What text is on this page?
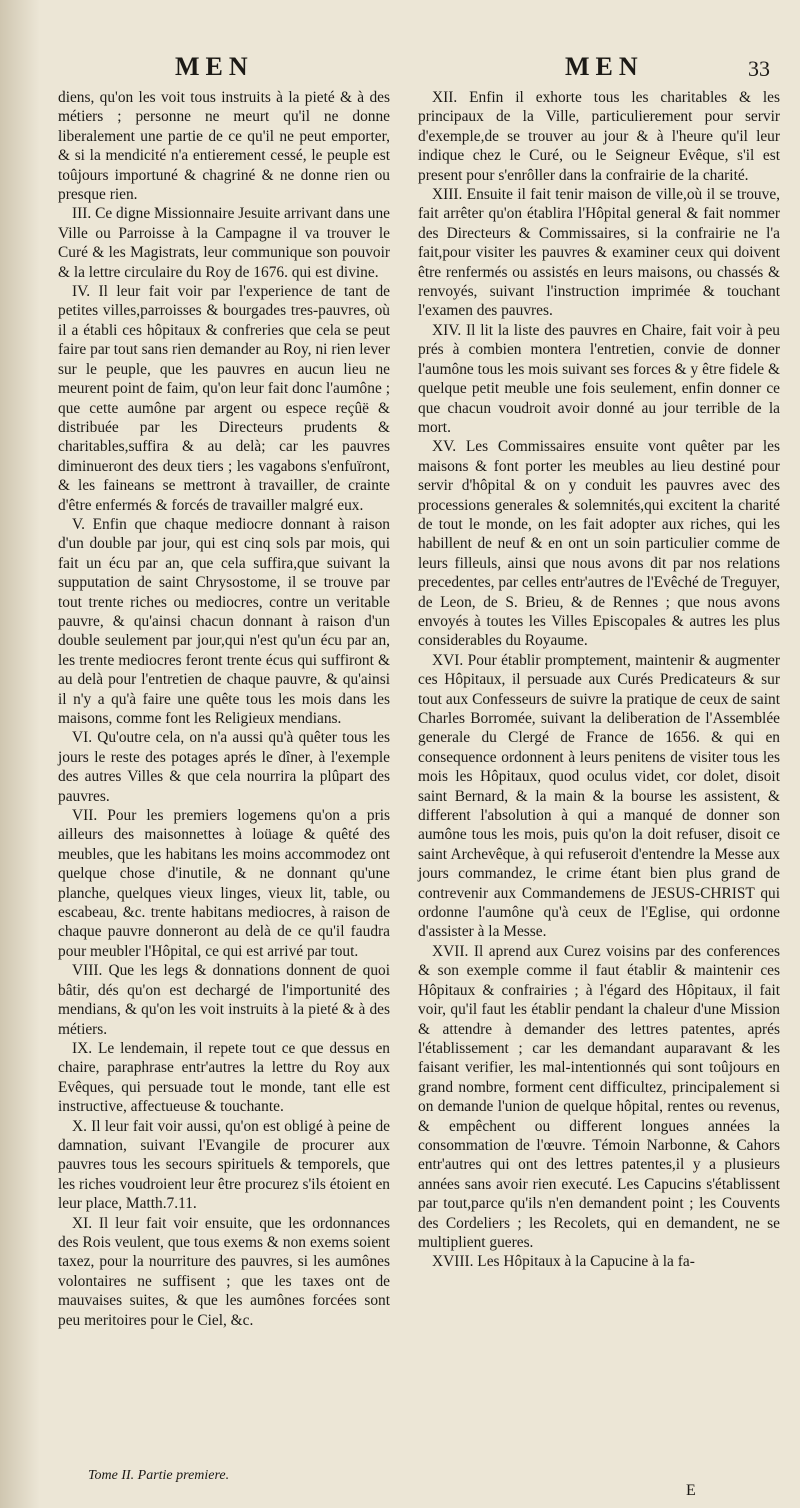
MEN	MEN	33

diens, qu'on les voit tous instruits à la pieté & à des métiers ; personne ne meurt qu'il ne donne liberalement une partie de ce qu'il ne peut emporter, & si la mendicité n'a entierement cessé, le peuple est toûjours importuné & chagriné & ne donne rien ou presque rien.

III. Ce digne Missionnaire Jesuite arrivant dans une Ville ou Parroisse à la Campagne il va trouver le Curé & les Magistrats, leur communique son pouvoir & la lettre circulaire du Roy de 1676. qui est divine.

IV. Il leur fait voir par l'experience de tant de petites villes,parroisses & bourgades tres-pauvres, où il a établi ces hôpitaux & confreries que cela se peut faire par tout sans rien demander au Roy, ni rien lever sur le peuple, que les pauvres en aucun lieu ne meurent point de faim, qu'on leur fait donc l'aumône ; que cette aumône par argent ou espece reçûë & distribuée par les Directeurs prudents & charitables,suffira & au delà; car les pauvres diminueront des deux tiers ; les vagabons s'enfuïront, & les faineans se mettront à travailler, de crainte d'être enfermés & forcés de travailler malgré eux.

V. Enfin que chaque mediocre donnant à raison d'un double par jour, qui est cinq sols par mois, qui fait un écu par an, que cela suffira,que suivant la supputation de saint Chrysostome, il se trouve par tout trente riches ou mediocres, contre un veritable pauvre, & qu'ainsi chacun donnant à raison d'un double seulement par jour,qui n'est qu'un écu par an, les trente mediocres feront trente écus qui suffiront & au delà pour l'entretien de chaque pauvre, & qu'ainsi il n'y a qu'à faire une quête tous les mois dans les maisons, comme font les Religieux mendians.

VI. Qu'outre cela, on n'a aussi qu'à quêter tous les jours le reste des potages aprés le dîner, à l'exemple des autres Villes & que cela nourrira la plûpart des pauvres.

VII. Pour les premiers logemens qu'on a pris ailleurs des maisonnettes à loüage & quêté des meubles, que les habitans les moins accommodez ont quelque chose d'inutile, & ne donnant qu'une planche, quelques vieux linges, vieux lit, table, ou escabeau, &c. trente habitans mediocres, à raison de chaque pauvre donneront au delà de ce qu'il faudra pour meubler l'Hôpital, ce qui est arrivé par tout.

VIII. Que les legs & donnations donnent de quoi bâtir, dés qu'on est dechargé de l'importunité des mendians, & qu'on les voit instruits à la pieté & à des métiers.

IX. Le lendemain, il repete tout ce que dessus en chaire, paraphrase entr'autres la lettre du Roy aux Evêques, qui persuade tout le monde, tant elle est instructive, affectueuse & touchante.

X. Il leur fait voir aussi, qu'on est obligé à peine de damnation, suivant l'Evangile de procurer aux pauvres tous les secours spirituels & temporels, que les riches voudroient leur être procurez s'ils étoient en leur place, Matth.7.11.

XI. Il leur fait voir ensuite, que les ordonnances des Rois veulent, que tous exems & non exems soient taxez, pour la nourriture des pauvres, si les aumônes volontaires ne suffisent ; que les taxes ont de mauvaises suites, & que les aumônes forcées sont peu meritoires pour le Ciel, &c.

XII. Enfin il exhorte tous les charitables & les principaux de la Ville, particulierement pour servir d'exemple,de se trouver au jour & à l'heure qu'il leur indique chez le Curé, ou le Seigneur Evêque, s'il est present pour s'enrôller dans la confrairie de la charité.

XIII. Ensuite il fait tenir maison de ville,où il se trouve, fait arrêter qu'on établira l'Hôpital general & fait nommer des Directeurs & Commissaires, si la confrairie ne l'a fait,pour visiter les pauvres & examiner ceux qui doivent être renfermés ou assistés en leurs maisons, ou chassés & renvoyés, suivant l'instruction imprimée & touchant l'examen des pauvres.

XIV. Il lit la liste des pauvres en Chaire, fait voir à peu prés à combien montera l'entretien, convie de donner l'aumône tous les mois suivant ses forces & y être fidele & quelque petit meuble une fois seulement, enfin donner ce que chacun voudroit avoir donné au jour terrible de la mort.

XV. Les Commissaires ensuite vont quêter par les maisons & font porter les meubles au lieu destiné pour servir d'hôpital & on y conduit les pauvres avec des processions generales & solemnités,qui excitent la charité de tout le monde, on les fait adopter aux riches, qui les habillent de neuf & en ont un soin particulier comme de leurs filleuls, ainsi que nous avons dit par nos relations precedentes, par celles entr'autres de l'Evêché de Treguyer, de Leon, de S. Brieu, & de Rennes ; que nous avons envoyés à toutes les Villes Episcopales & autres les plus considerables du Royaume.

XVI. Pour établir promptement, maintenir & augmenter ces Hôpitaux, il persuade aux Curés Predicateurs & sur tout aux Confesseurs de suivre la pratique de ceux de saint Charles Borromée, suivant la deliberation de l'Assemblée generale du Clergé de France de 1656. & qui en consequence ordonnent à leurs penitens de visiter tous les mois les Hôpitaux, quod oculus videt, cor dolet, disoit saint Bernard, & la main & la bourse les assistent, & different l'absolution à qui a manqué de donner son aumône tous les mois, puis qu'on la doit refuser, disoit ce saint Archevêque, à qui refuseroit d'entendre la Messe aux jours commandez, le crime étant bien plus grand de contrevenir aux Commandemens de JESUS-CHRIST qui ordonne l'aumône qu'à ceux de l'Eglise, qui ordonne d'assister à la Messe.

XVII. Il aprend aux Curez voisins par des conferences & son exemple comme il faut établir & maintenir ces Hôpitaux & confrairies ; à l'égard des Hôpitaux, il fait voir, qu'il faut les établir pendant la chaleur d'une Mission & attendre à demander des lettres patentes, aprés l'établissement ; car les demandant auparavant & les faisant verifier, les mal-intentionnés qui sont toûjours en grand nombre, forment cent difficultez, principalement si on demande l'union de quelque hôpital, rentes ou revenus, & empêchent ou different longues années la consommation de l'œuvre. Témoin Narbonne, & Cahors entr'autres qui ont des lettres patentes,il y a plusieurs années sans avoir rien executé. Les Capucins s'établissent par tout,parce qu'ils n'en demandent point ; les Couvents des Cordeliers ; les Recolets, qui en demandent, ne se multiplient gueres.

XVIII. Les Hôpitaux à la Capucine à la fa-

Tome II. Partie premiere.
E
